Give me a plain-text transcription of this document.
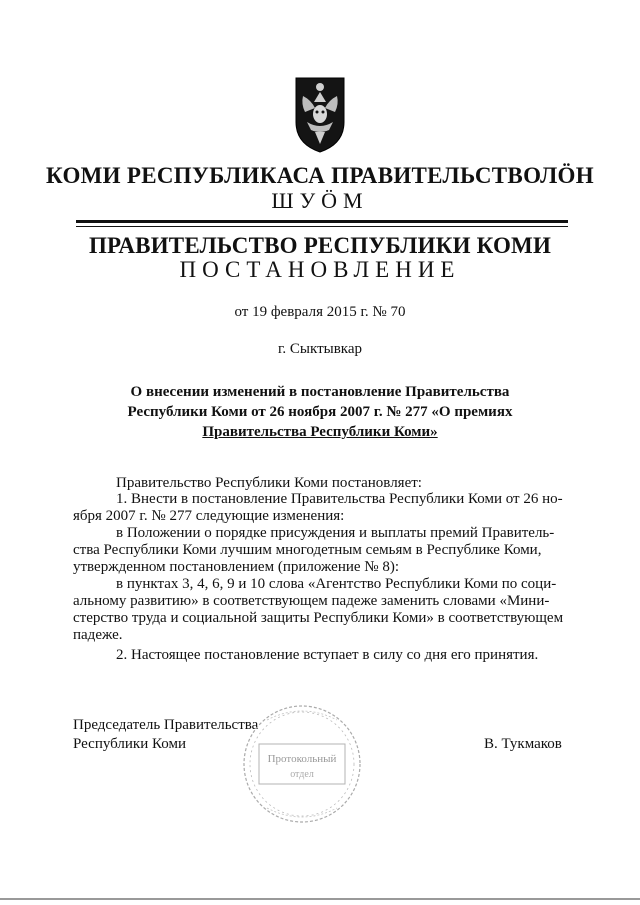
КОМИ РЕСПУБЛИКАСА ПРАВИТЕЛЬСТВОЛӦН
ШУӦМ
ПРАВИТЕЛЬСТВО РЕСПУБЛИКИ КОМИ
ПОСТАНОВЛЕНИЕ
от 19 февраля 2015 г. № 70
г. Сыктывкар
О внесении изменений в постановление Правительства
Республики Коми от 26 ноября 2007 г. № 277 «О премиях
Правительства Республики Коми»
Правительство Республики Коми постановляет:
1. Внести в постановление Правительства Республики Коми от 26 но-
ября 2007 г. № 277 следующие изменения:
в Положении о порядке присуждения и выплаты премий Правитель-
ства Республики Коми лучшим многодетным семьям в Республике Коми,
утвержденном постановлением (приложение № 8):
в пунктах 3, 4, 6, 9 и 10 слова «Агентство Республики Коми по соци-
альному развитию» в соответствующем падеже заменить словами «Мини-
стерство труда и социальной защиты Республики Коми» в соответствующем
падеже.
2. Настоящее постановление вступает в силу со дня его принятия.
Председатель Правительства
Республики Коми	В. Тукмаков
Протокольный
отдел
